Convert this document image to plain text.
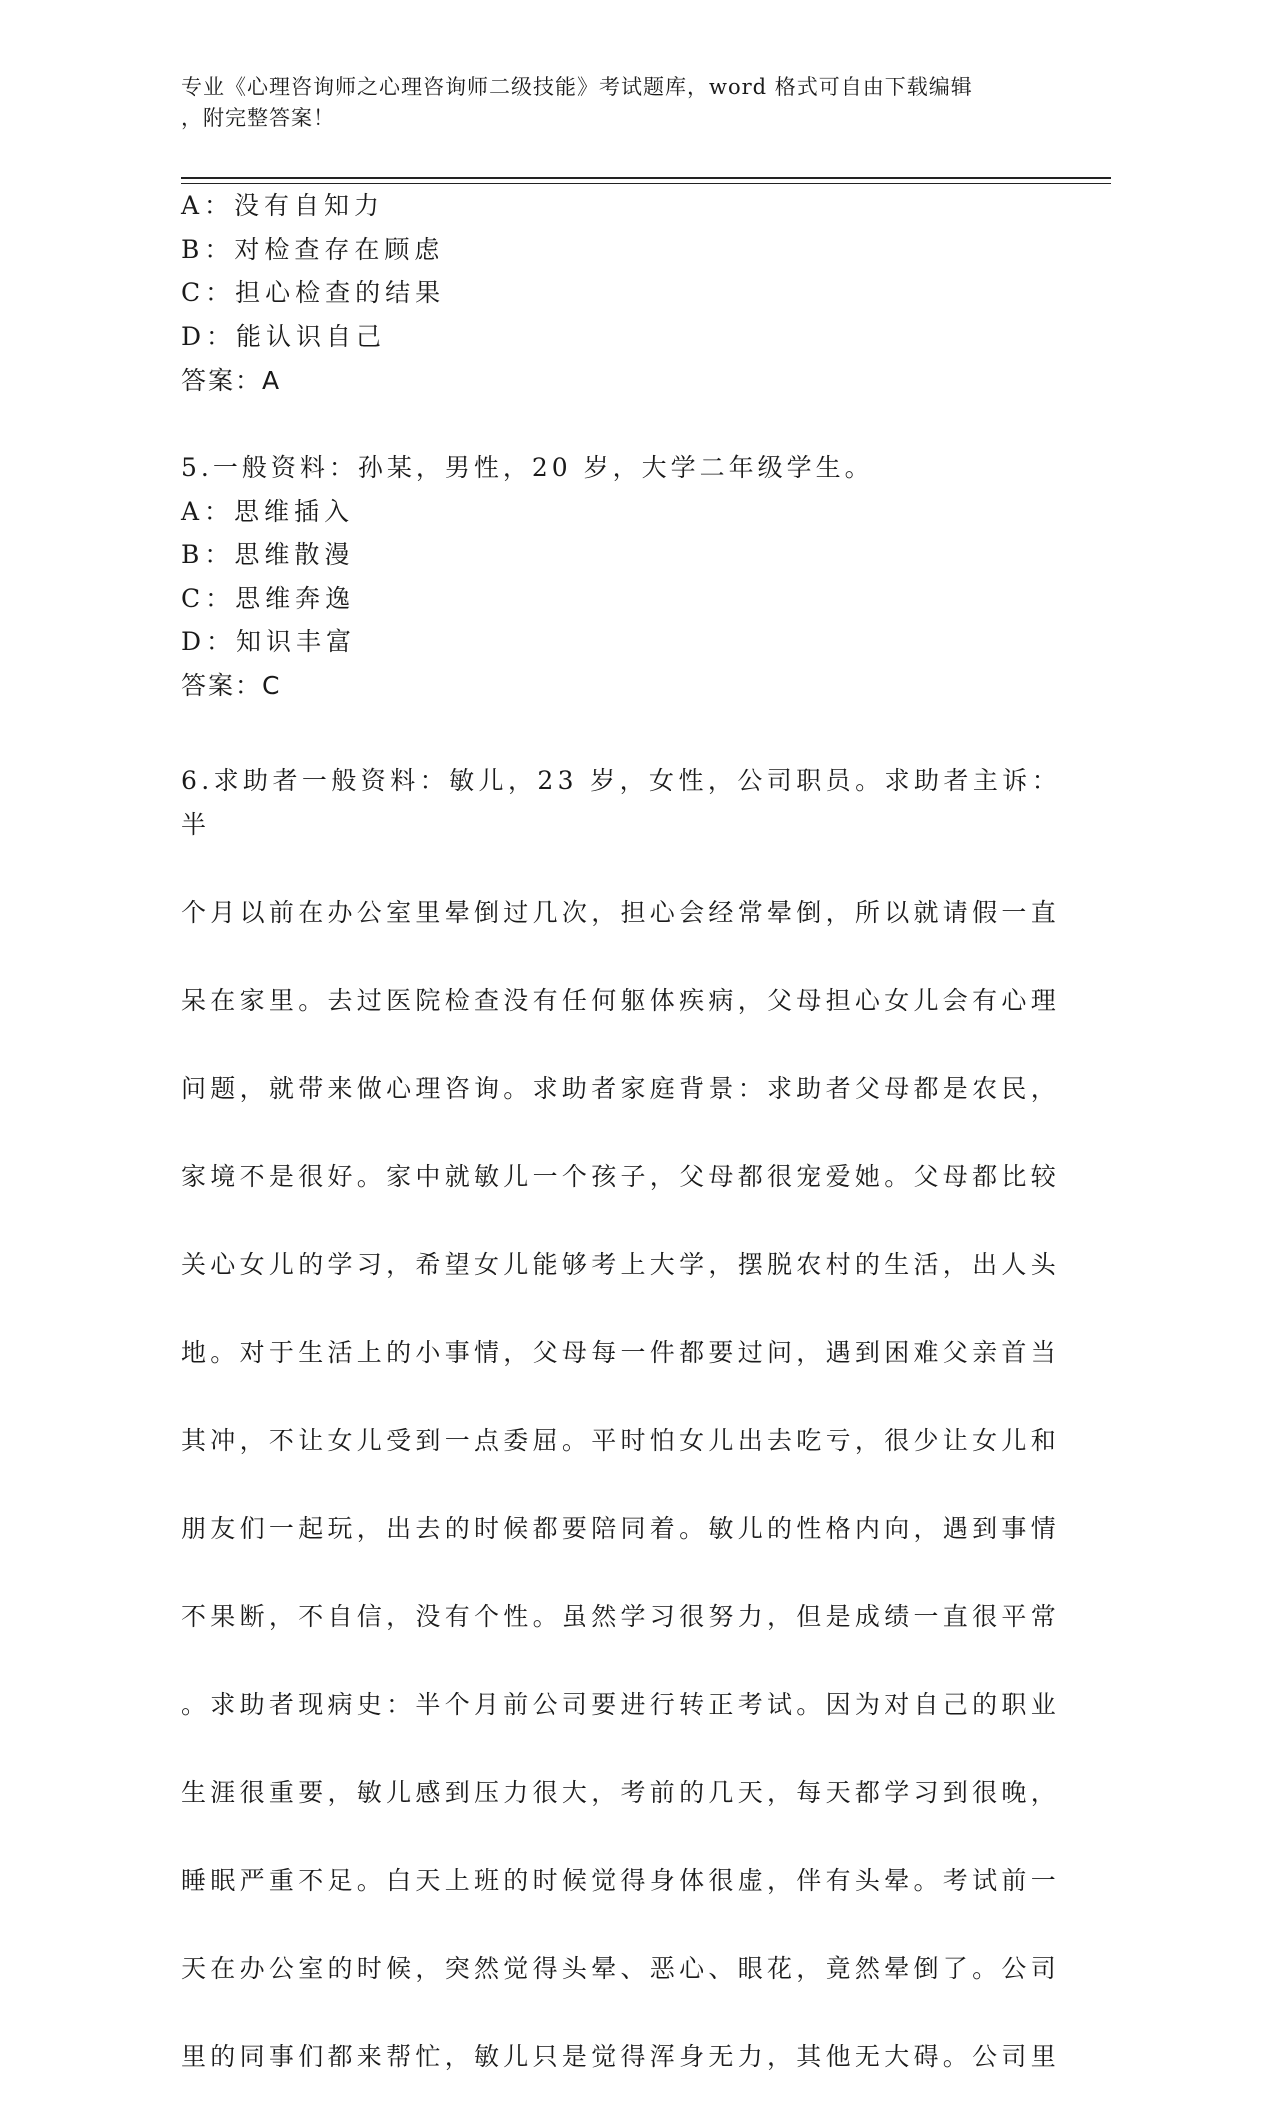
专业《心理咨询师之心理咨询师二级技能》考试题库，word 格式可自由下载编辑
，附完整答案！
A：没有自知力
B：对检查存在顾虑
C：担心检查的结果
D：能认识自己
答案：A
5.一般资料：孙某，男性，20 岁，大学二年级学生。
A：思维插入
B：思维散漫
C：思维奔逸
D：知识丰富
答案：C

6.求助者一般资料：敏儿，23 岁，女性，公司职员。求助者主诉：半

个月以前在办公室里晕倒过几次，担心会经常晕倒，所以就请假一直

呆在家里。去过医院检查没有任何躯体疾病，父母担心女儿会有心理

问题，就带来做心理咨询。求助者家庭背景：求助者父母都是农民，

家境不是很好。家中就敏儿一个孩子，父母都很宠爱她。父母都比较

关心女儿的学习，希望女儿能够考上大学，摆脱农村的生活，出人头

地。对于生活上的小事情，父母每一件都要过问，遇到困难父亲首当

其冲，不让女儿受到一点委屈。平时怕女儿出去吃亏，很少让女儿和

朋友们一起玩，出去的时候都要陪同着。敏儿的性格内向，遇到事情

不果断，不自信，没有个性。虽然学习很努力，但是成绩一直很平常

。求助者现病史：半个月前公司要进行转正考试。因为对自己的职业

生涯很重要，敏儿感到压力很大，考前的几天，每天都学习到很晚，

睡眠严重不足。白天上班的时候觉得身体很虚，伴有头晕。考试前一

天在办公室的时候，突然觉得头晕、恶心、眼花，竟然晕倒了。公司

里的同事们都来帮忙，敏儿只是觉得浑身无力，其他无大碍。公司里
